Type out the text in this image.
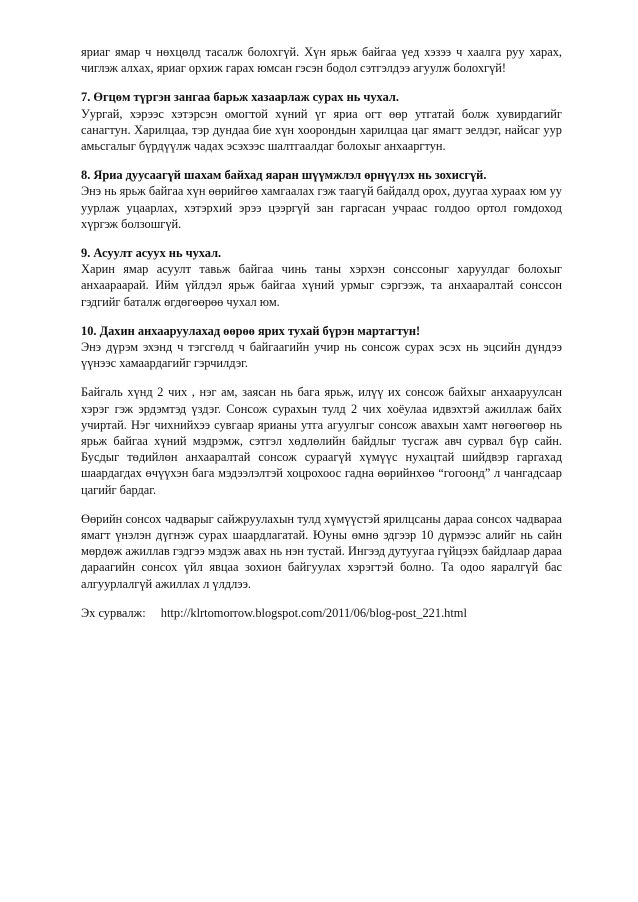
яриаг ямар ч нөхцөлд тасалж болохгүй. Хүн ярьж байгаа үед хэзээ ч хаалга руу харах, чиглэж алхах, яриаг орхиж гарах юмсан гэсэн бодол сэтгэлдээ агуулж болохгүй!

7. Өгцөм түргэн зангаа барьж хазаарлаж сурах нь чухал.

Уургай, хэрээс хэтэрсэн омогтой хүний үг яриа огт өөр утгатай болж хувирдагийг санагтун. Харилцаа, тэр дундаа бие хүн хоорондын харилцаа цаг ямагт эелдэг, найсаг уур амьсгалыг бүрдүүлж чадах эсэхээс шалтгаалдаг болохыг анхааргтун.

8. Яриа дуусаагүй шахам байхад яаран шүүмжлэл өрнүүлэх нь зохисгүй.

Энэ нь ярьж байгаа хүн өөрийгөө хамгаалах гэж таагүй байдалд орох, дуугаа хураах юм уу уурлаж уцаарлах, хэтэрхий эрээ цээргүй зан гаргасан учраас голдоо ортол гомдоход хүргэж болзошгүй.

9. Асуулт асуух нь чухал.

Харин ямар асуулт тавьж байгаа чинь таны хэрхэн сонссоныг харуулдаг болохыг анхаараарай. Ийм үйлдэл ярьж байгаа хүний урмыг сэргээж, та анхааралтай сонссон гэдгийг баталж өгдөгөөрөө чухал юм.

10. Дахин анхааруулахад өөрөө ярих тухай бүрэн мартагтун!

Энэ дүрэм эхэнд ч тэгсгөлд ч байгаагийн учир нь сонсож сурах эсэх нь эцсийн дүндээ үүнээс хамаардагийг гэрчилдэг.

Байгаль хүнд 2 чих , нэг ам, заясан нь бага ярьж, илүү их сонсож байхыг анхааруулсан хэрэг гэж эрдэмтэд үздэг. Сонсож сурахын тулд 2 чих хоёулаа идвэхтэй ажиллаж байх учиртай. Нэг чихнийхээ сувгаар ярианы утга агуулгыг сонсож авахын хамт нөгөөгөөр нь ярьж байгаа хүний мэдрэмж, сэтгэл хөдлөлийн байдлыг тусгаж авч сурвал бүр сайн. Бусдыг төдийлөн анхааралтай сонсож сураагүй хүмүүс нухацтай шийдвэр гаргахад шаардагдах өчүүхэн бага мэдээлэлтэй хоцрохоос гадна өөрийнхөө “гогоонд” л чангадсаар цагийг бардаг.

Өөрийн сонсох чадварыг сайжруулахын тулд хүмүүстэй ярилцсаны дараа сонсох чадвараа ямагт үнэлэн дүгнэж сурах шаардлагатай. Юуны өмнө эдгээр 10 дүрмээс алийг нь сайн мөрдөж ажиллав гэдгээ мэдэж авах нь нэн тустай. Ингээд дутуугаа гүйцээх байдлаар дараа дараагийн сонсох үйл явцаа зохион байгуулах хэрэгтэй болно. Та одоо яаралгүй бас алгуурлалгүй ажиллах л үлдлээ.

Эх сурвалж: http://klrtomorrow.blogspot.com/2011/06/blog-post_221.html
